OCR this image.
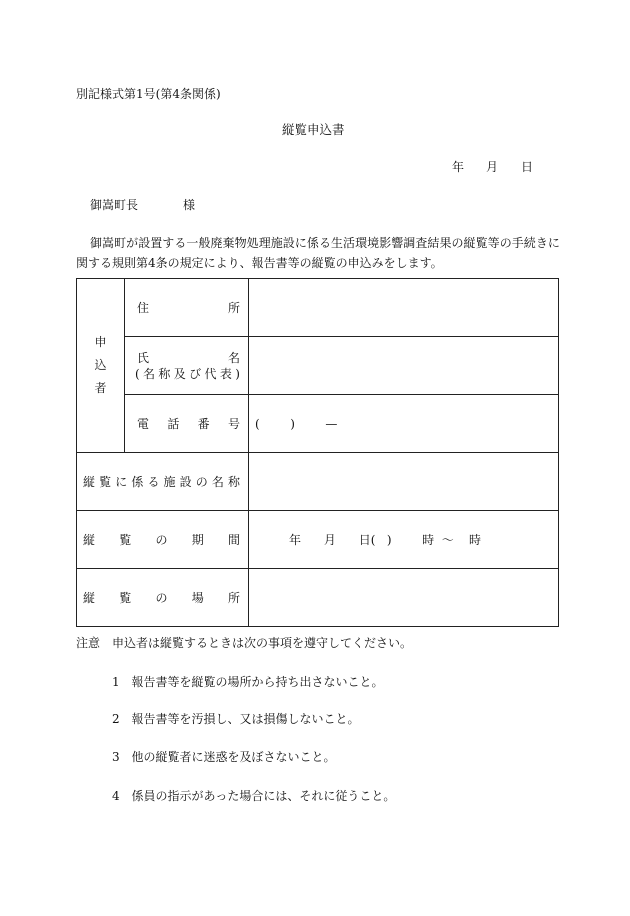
別記様式第1号(第4条関係)
縦覧申込書
年 月 日
御嵩町長	様
御嵩町が設置する一般廃棄物処理施設に係る生活環境影響調査結果の縦覧等の手続きに
関する規則第4条の規定により、報告書等の縦覧の申込みをします。
申
込
者	住所	

	氏名
(名称及び代表)	

	電話番号	(        )        —

縦覧に係る施設の名称		

縦覧の期間		年      月      日(   )        時  ～    時

縦覧の場所		

注意　申込者は縦覧するときは次の事項を遵守してください。
1 報告書等を縦覧の場所から持ち出さないこと。
2 報告書等を汚損し、又は損傷しないこと。
3 他の縦覧者に迷惑を及ぼさないこと。
4 係員の指示があった場合には、それに従うこと。
